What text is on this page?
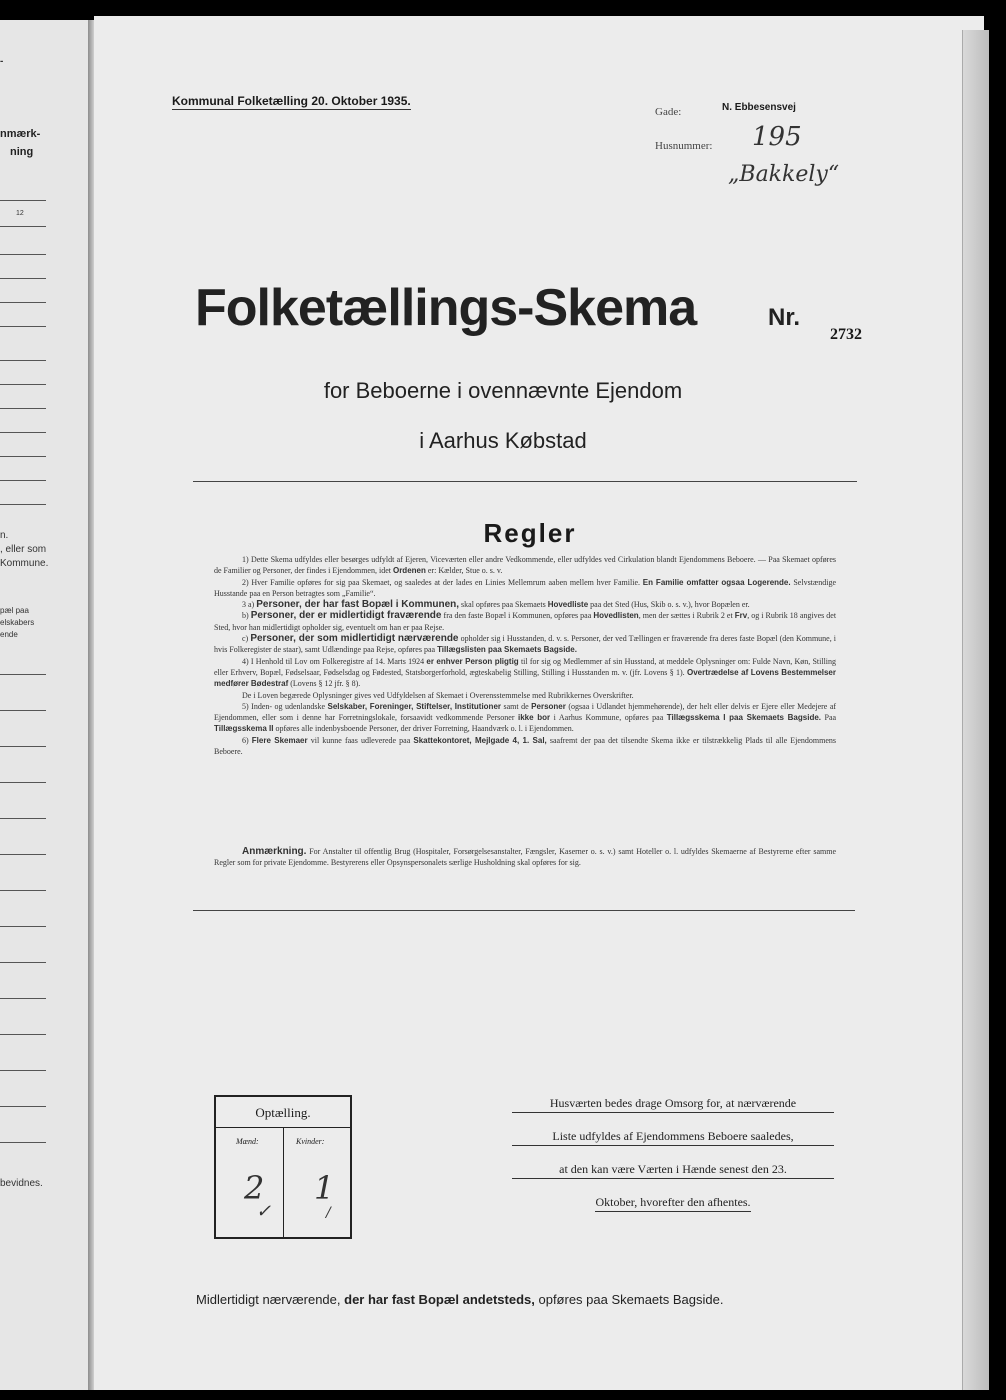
-
nmærk-
ning
12
n.
, eller som
Kommune.
pæl paa
elskabers
ende
bevidnes.
Kommunal Folketælling 20. Oktober 1935.
Gade:	N. Ebbesensvej
Husnummer: 195
„Bakkely“
Folketællings-Skema	Nr.
2732
for Beboerne i ovennævnte Ejendom
i Aarhus Købstad
Regler

1) Dette Skema udfyldes eller besørges udfyldt af Ejeren, Viceværten eller andre Vedkommende, eller udfyldes ved Cirkulation blandt Ejendommens Beboere. — Paa Skemaet opføres de Familier og Personer, der findes i Ejendommen, idet Ordenen er: Kælder, Stue o. s. v.

2) Hver Familie opføres for sig paa Skemaet, og saaledes at der lades en Linies Mellemrum aaben mellem hver Familie. En Familie omfatter ogsaa Logerende. Selvstændige Husstande paa en Person betragtes som „Familie“.

3 a) Personer, der har fast Bopæl i Kommunen, skal opføres paa Skemaets Hovedliste paa det Sted (Hus, Skib o. s. v.), hvor Bopælen er.

b) Personer, der er midlertidigt fraværende fra den faste Bopæl i Kommunen, opføres paa Hovedlisten, men der sættes i Rubrik 2 et Frv, og i Rubrik 18 angives det Sted, hvor han midlertidigt opholder sig, eventuelt om han er paa Rejse.

c) Personer, der som midlertidigt nærværende opholder sig i Husstanden, d. v. s. Personer, der ved Tællingen er fraværende fra deres faste Bopæl (den Kommune, i hvis Folkeregister de staar), samt Udlændinge paa Rejse, opføres paa Tillægslisten paa Skemaets Bagside.

4) I Henhold til Lov om Folkeregistre af 14. Marts 1924 er enhver Person pligtig til for sig og Medlemmer af sin Husstand, at meddele Oplysninger om: Fulde Navn, Køn, Stilling eller Erhverv, Bopæl, Fødselsaar, Fødselsdag og Fødested, Statsborgerforhold, ægteskabelig Stilling, Stilling i Husstanden m. v. (jfr. Lovens § 1). Overtrædelse af Lovens Bestemmelser medfører Bødestraf (Lovens § 12 jfr. § 8).

De i Loven begærede Oplysninger gives ved Udfyldelsen af Skemaet i Overensstemmelse med Rubrikkernes Overskrifter.

5) Inden- og udenlandske Selskaber, Foreninger, Stiftelser, Institutioner samt de Personer (ogsaa i Udlandet hjemmehørende), der helt eller delvis er Ejere eller Medejere af Ejendommen, eller som i denne har Forretningslokale, forsaavidt vedkommende Personer ikke bor i Aarhus Kommune, opføres paa Tillægsskema I paa Skemaets Bagside. Paa Tillægsskema II opføres alle indenbysboende Personer, der driver Forretning, Haandværk o. l. i Ejendommen.

6) Flere Skemaer vil kunne faas udleverede paa Skattekontoret, Mejlgade 4, 1. Sal, saafremt der paa det tilsendte Skema ikke er tilstrækkelig Plads til alle Ejendommens Beboere.

Anmærkning. For Anstalter til offentlig Brug (Hospitaler, Forsørgelsesanstalter, Fængsler, Kaserner o. s. v.) samt Hoteller o. l. udfyldes Skemaerne af Bestyrerne efter samme Regler som for private Ejendomme. Bestyrerens eller Opsynspersonalets særlige Husholdning skal opføres for sig.
Optælling.
Mænd:	Kvinder:
2 1
✓	/
Husværten bedes drage Omsorg for, at nærværende
Liste udfyldes af Ejendommens Beboere saaledes,
at den kan være Værten i Hænde senest den 23.
Oktober, hvorefter den afhentes.
Midlertidigt nærværende, der har fast Bopæl andetsteds, opføres paa Skemaets Bagside.
